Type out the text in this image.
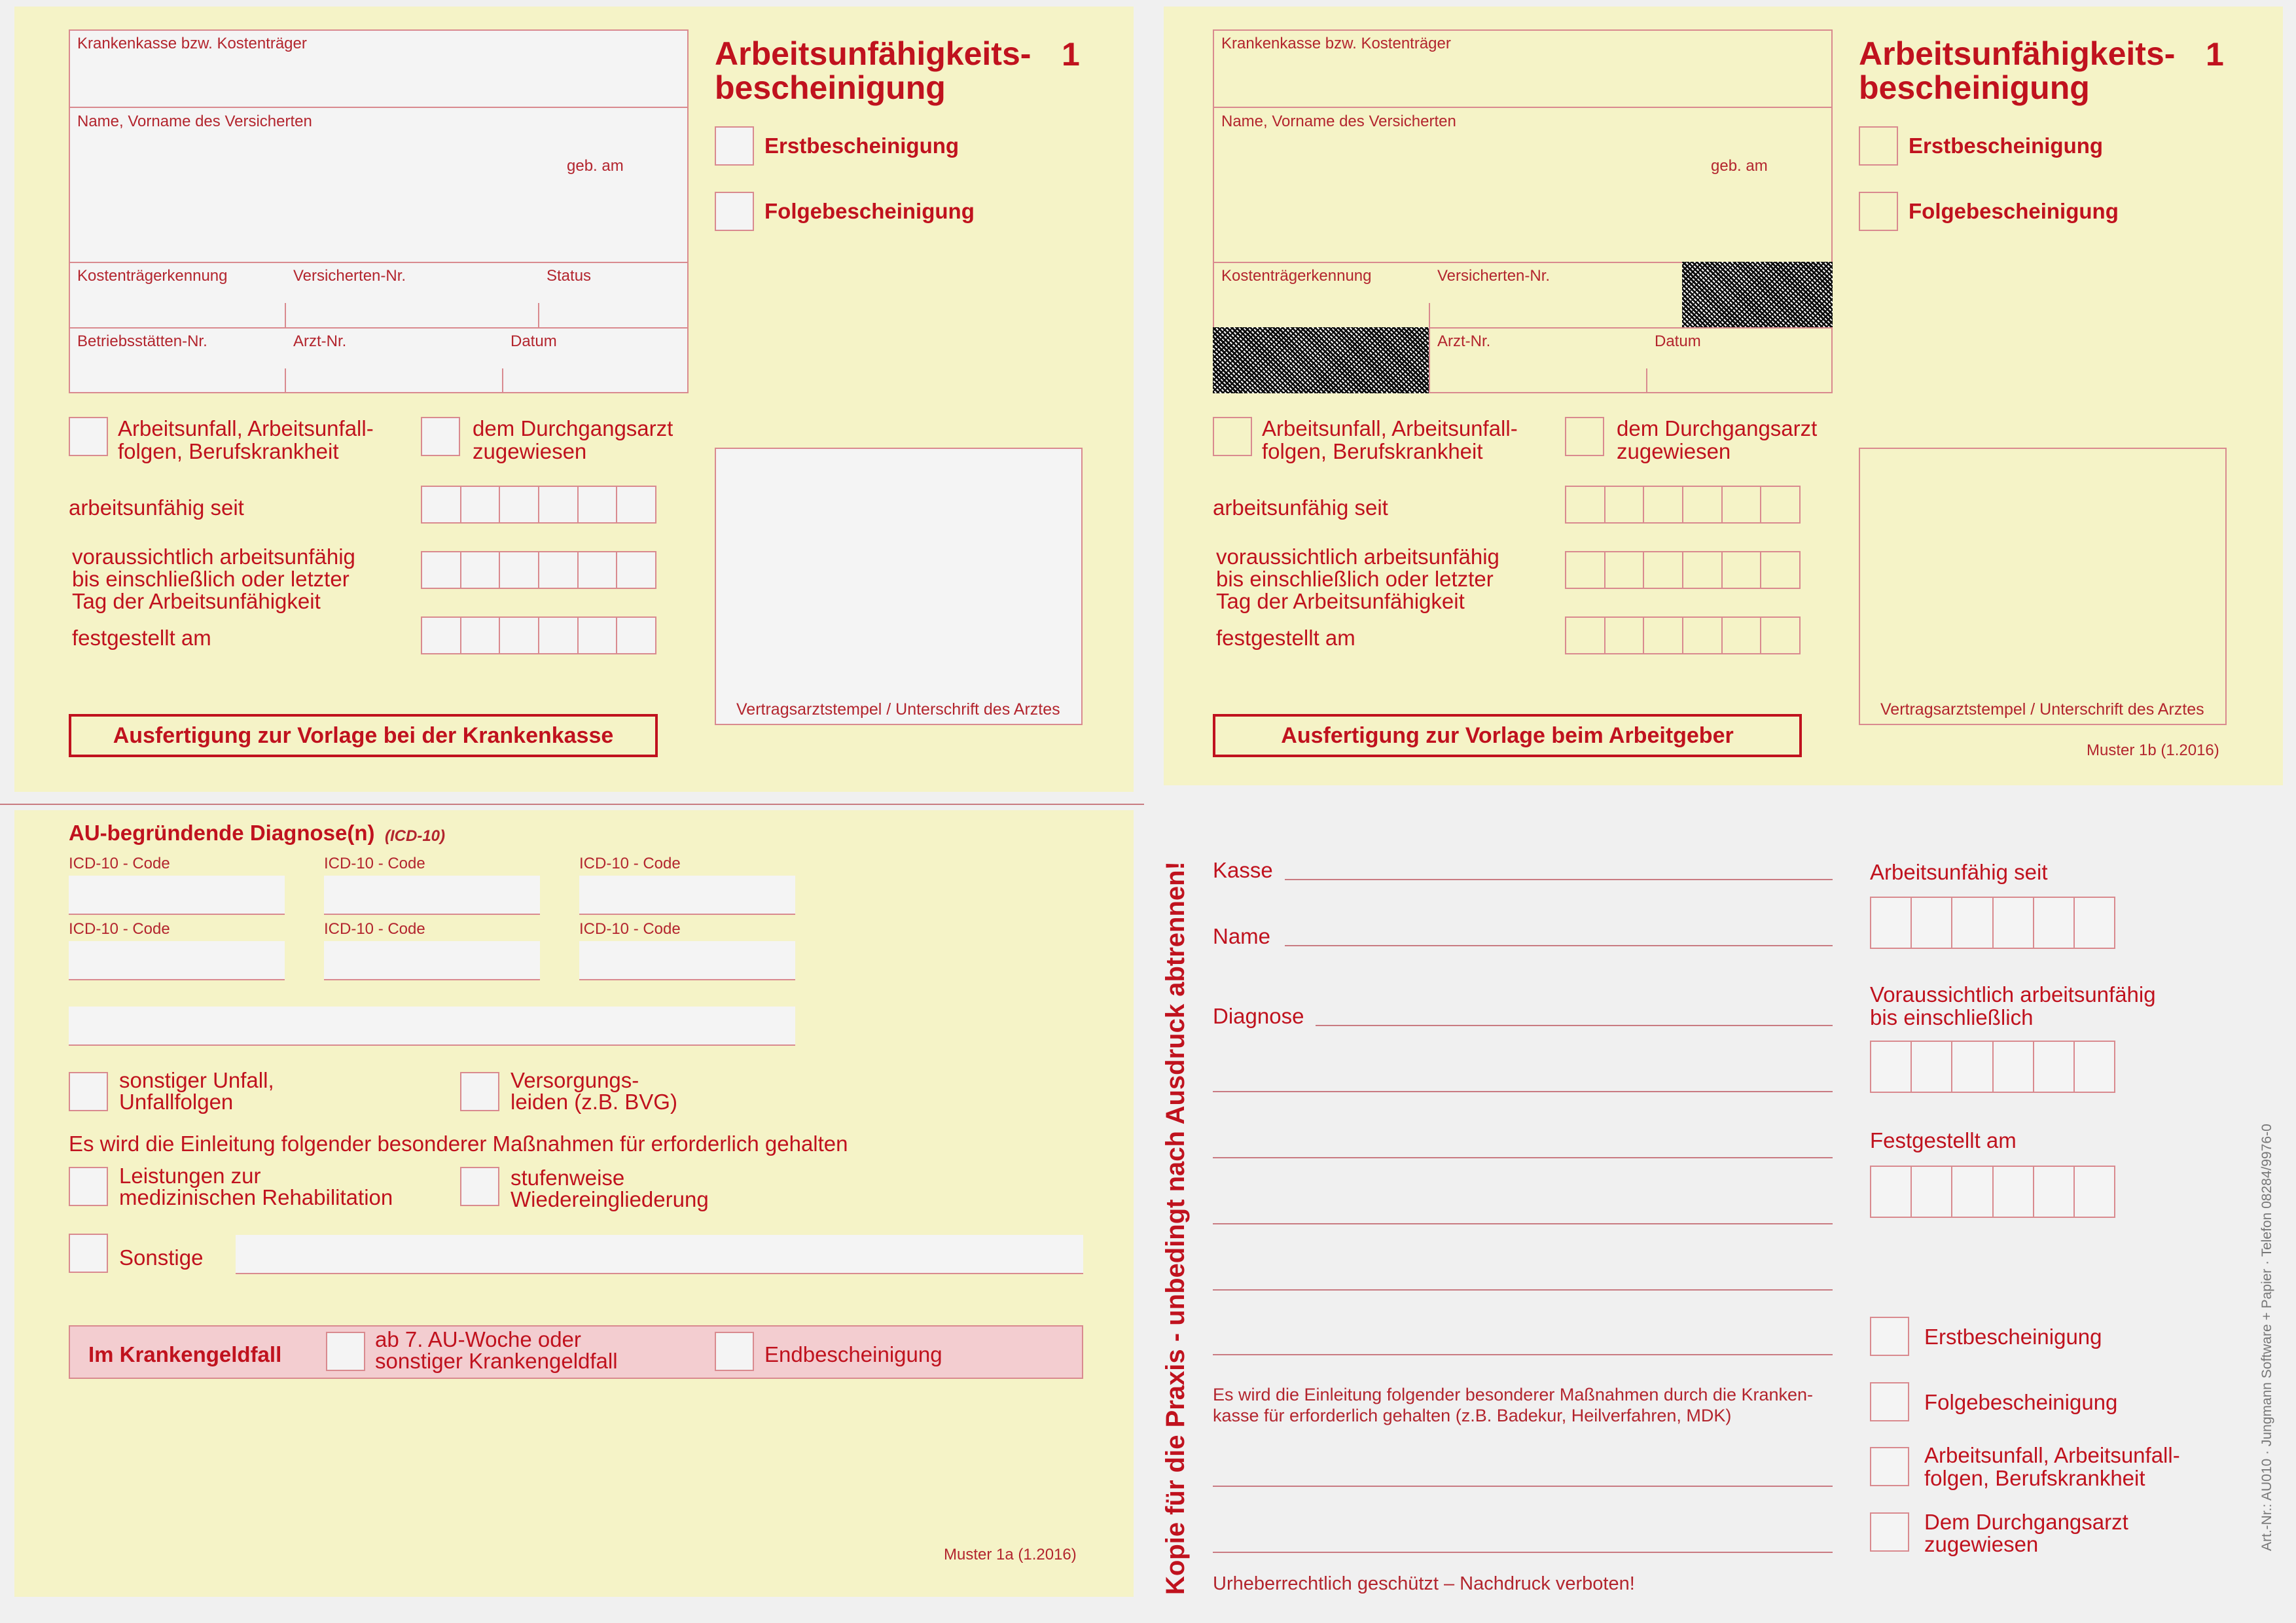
Krankenkasse bzw. Kostenträger
Name, Vorname des Versicherten
geb. am
Kostenträgerkennung	Versicherten-Nr.	Status
Betriebsstätten-Nr.	Arzt-Nr.	Datum
Arbeitsunfähigkeits-
bescheinigung
1
Erstbescheinigung
Folgebescheinigung
Arbeitsunfall, Arbeitsunfall-
folgen, Berufskrankheit
dem Durchgangsarzt
zugewiesen
arbeitsunfähig seit
voraussichtlich arbeitsunfähig
bis einschließlich oder letzter
Tag der Arbeitsunfähigkeit
festgestellt am
Vertragsarztstempel / Unterschrift des Arztes
Ausfertigung zur Vorlage bei der Krankenkasse
Krankenkasse bzw. Kostenträger
Name, Vorname des Versicherten
geb. am
Kostenträgerkennung	Versicherten-Nr.
Arzt-Nr.	Datum
Arbeitsunfähigkeits-
bescheinigung
1
Erstbescheinigung
Folgebescheinigung
Arbeitsunfall, Arbeitsunfall-
folgen, Berufskrankheit
dem Durchgangsarzt
zugewiesen
arbeitsunfähig seit
voraussichtlich arbeitsunfähig
bis einschließlich oder letzter
Tag der Arbeitsunfähigkeit
festgestellt am
Vertragsarztstempel / Unterschrift des Arztes
Ausfertigung zur Vorlage beim Arbeitgeber
Muster 1b (1.2016)
AU-begründende Diagnose(n) (ICD-10)
ICD-10 - Code	ICD-10 - Code	ICD-10 - Code
ICD-10 - Code	ICD-10 - Code	ICD-10 - Code
sonstiger Unfall,
Unfallfolgen
Versorgungs-
leiden (z.B. BVG)
Es wird die Einleitung folgender besonderer Maßnahmen für erforderlich gehalten
Leistungen zur
medizinischen Rehabilitation
stufenweise
Wiedereingliederung
Sonstige
Im Krankengeldfall
ab 7. AU-Woche oder
sonstiger Krankengeldfall	Endbescheinigung
Muster 1a (1.2016)	Kopie für die Praxis - unbedingt nach Ausdruck abtrennen! Kasse
Name
Diagnose
Es wird die Einleitung folgender besonderer Maßnahmen durch die Kranken-
kasse für erforderlich gehalten (z.B. Badekur, Heilverfahren, MDK)
Urheberrechtlich geschützt – Nachdruck verboten!
Arbeitsunfähig seit
Voraussichtlich arbeitsunfähig
bis einschließlich
Festgestellt am
Erstbescheinigung
Folgebescheinigung
Arbeitsunfall, Arbeitsunfall-
folgen, Berufskrankheit
Dem Durchgangsarzt
zugewiesen	Art.-Nr.: AU010 · Jungmann Software + Papier · Telefon 08284/9976-0
